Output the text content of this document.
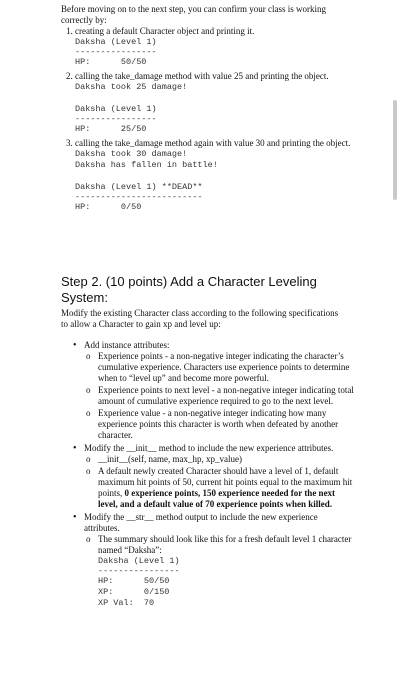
Before moving on to the next step, you can confirm your class is working correctly by:
1. creating a default Character object and printing it.
Daksha (Level 1)
----------------
HP:      50/50
2. calling the take_damage method with value 25 and printing the object.
Daksha took 25 damage!
Daksha (Level 1)
----------------
HP:      25/50
3. calling the take_damage method again with value 30 and printing the object.
Daksha took 30 damage!
Daksha has fallen in battle!
Daksha (Level 1) **DEAD**
-------------------------
HP:      0/50
Step 2. (10 points) Add a Character Leveling System:
Modify the existing Character class according to the following specifications to allow a Character to gain xp and level up:
• Add instance attributes:
o Experience points - a non-negative integer indicating the character’s cumulative experience. Characters use experience points to determine when to “level up” and become more powerful.
o Experience points to next level - a non-negative integer indicating total amount of cumulative experience required to go to the next level.
o Experience value - a non-negative integer indicating how many experience points this character is worth when defeated by another character.
• Modify the __init__ method to include the new experience attributes.
o __init__(self, name, max_hp, xp_value)
o A default newly created Character should have a level of 1, default maximum hit points of 50, current hit points equal to the maximum hit points, 0 experience points, 150 experience needed for the next level, and a default value of 70 experience points when killed.
• Modify the __str__ method output to include the new experience attributes.
o The summary should look like this for a fresh default level 1 character named “Daksha”:
Daksha (Level 1)
----------------
HP:      50/50
XP:      0/150
XP Val:  70
